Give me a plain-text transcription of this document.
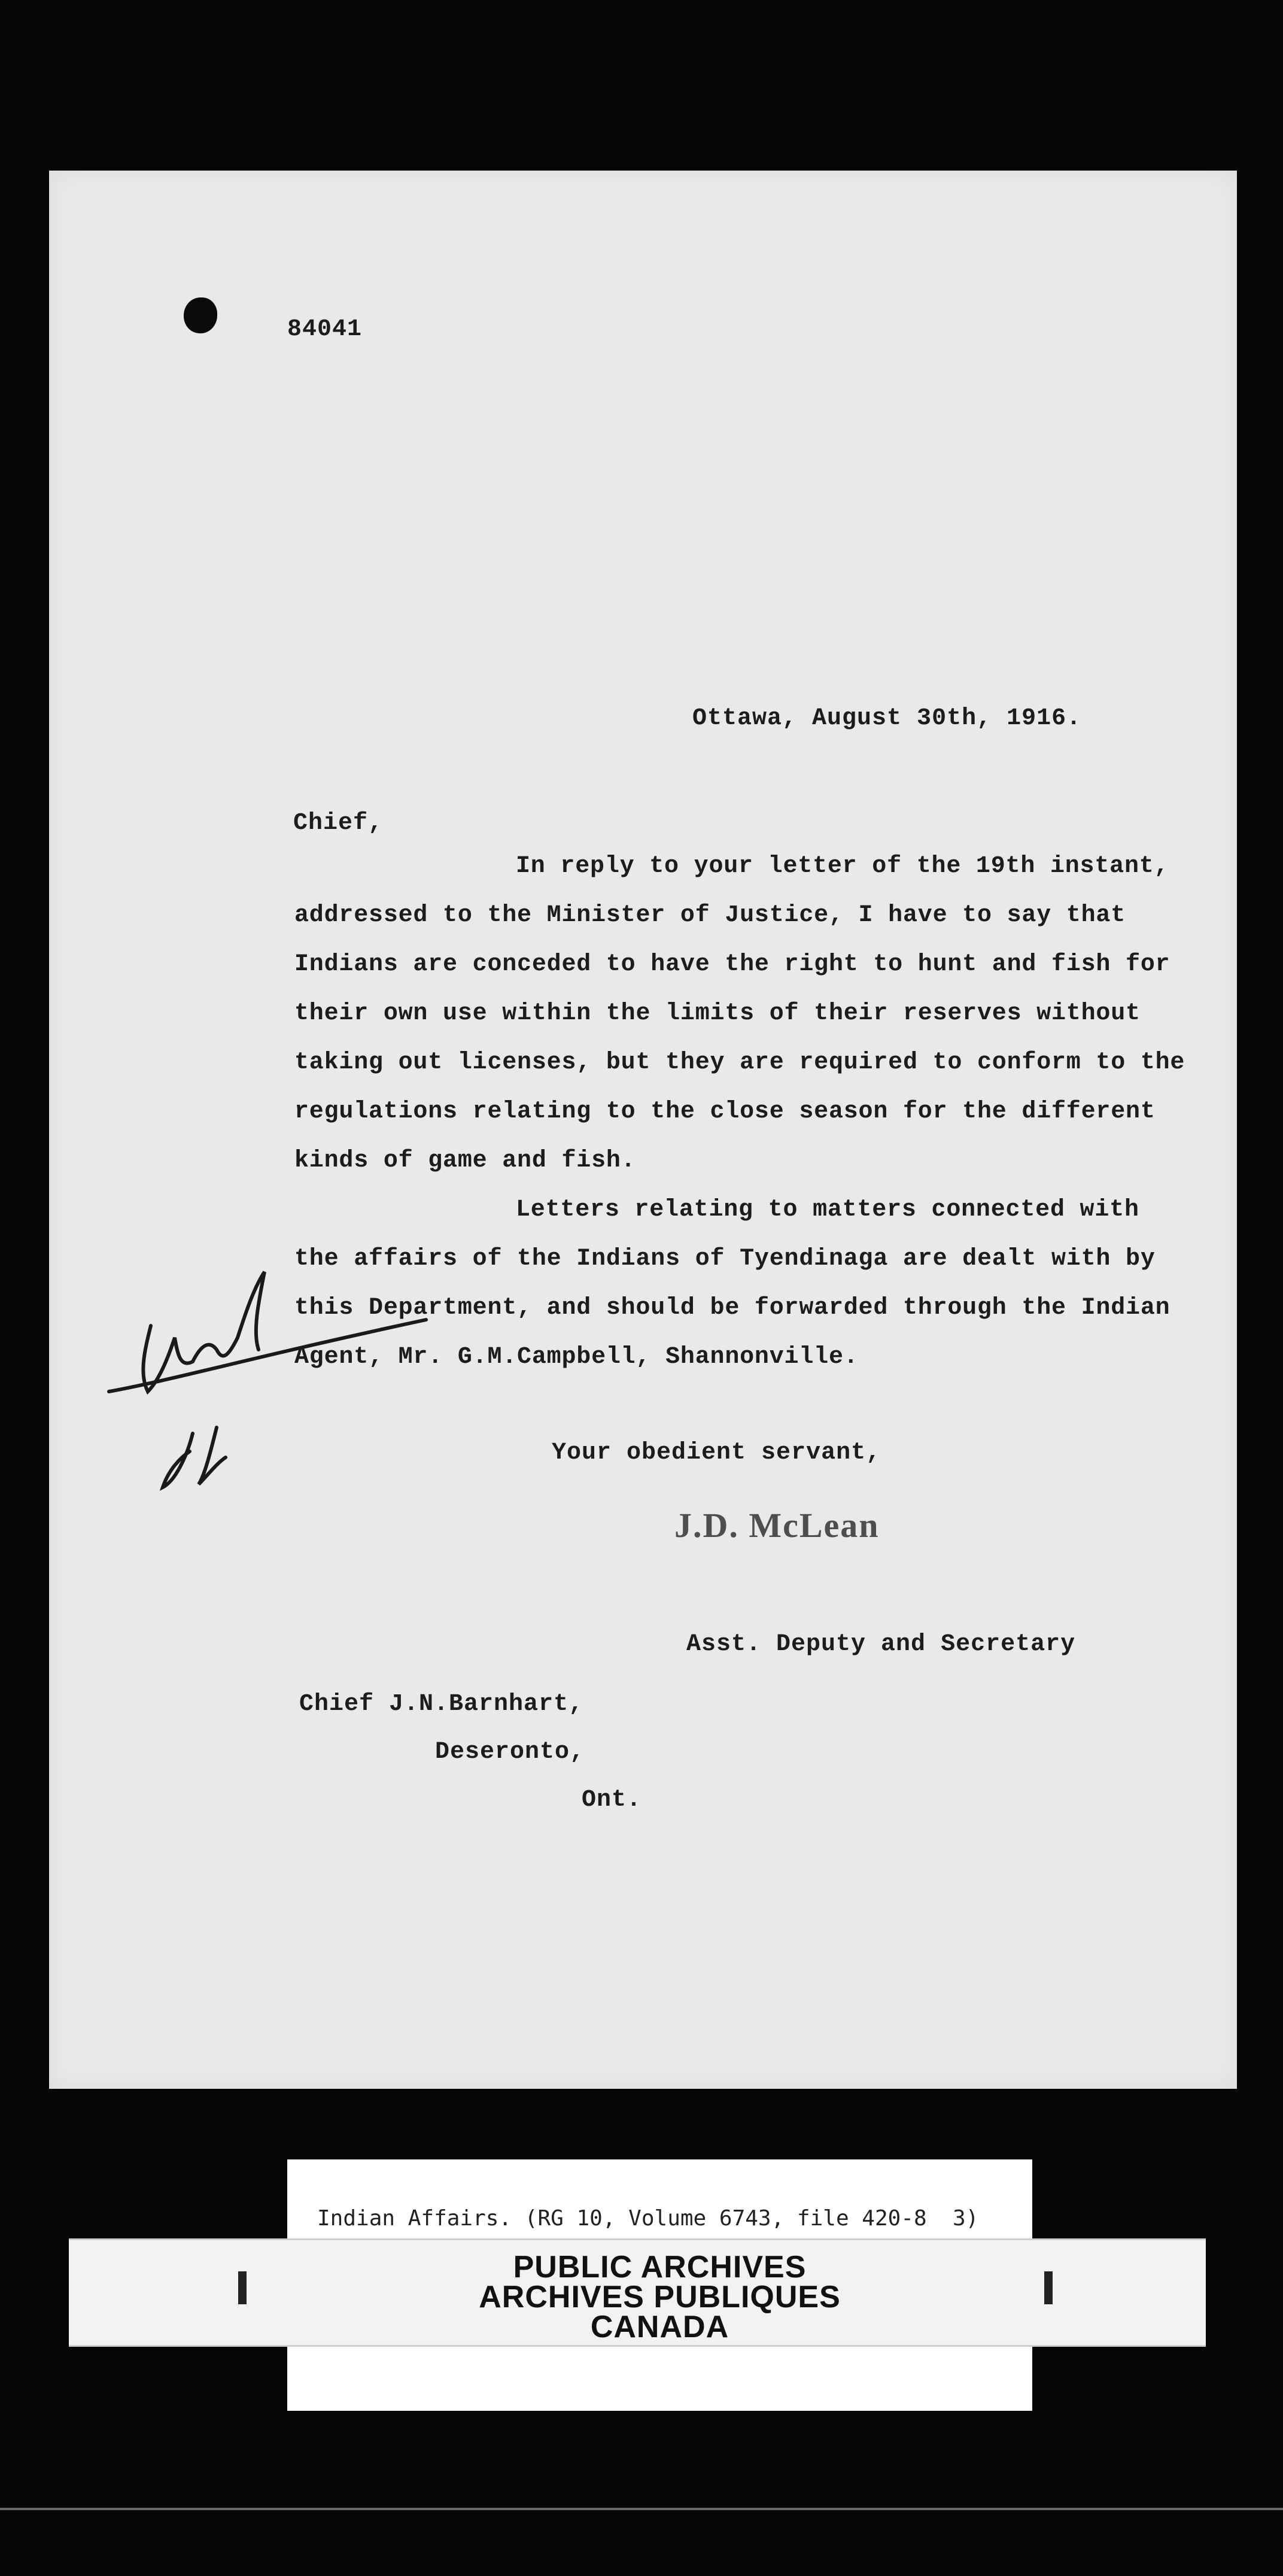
84041
Ottawa, August 30th, 1916.
Chief,
In reply to your letter of the 19th instant,
addressed to the Minister of Justice, I have to say that
Indians are conceded to have the right to hunt and fish for
their own use within the limits of their reserves without
taking out licenses, but they are required to conform to the
regulations relating to the close season for the different
kinds of game and fish.
Letters relating to matters connected with
the affairs of the Indians of Tyendinaga are dealt with by
this Department, and should be forwarded through the Indian
Agent, Mr. G.M.Campbell, Shannonville.
Your obedient servant,
J.D. McLean
Asst. Deputy and Secretary
Chief J.N.Barnhart,
Deseronto,
Ont.
Indian Affairs. (RG 10, Volume 6743, file 420-8  3)
PUBLIC ARCHIVES
ARCHIVES PUBLIQUES
CANADA
